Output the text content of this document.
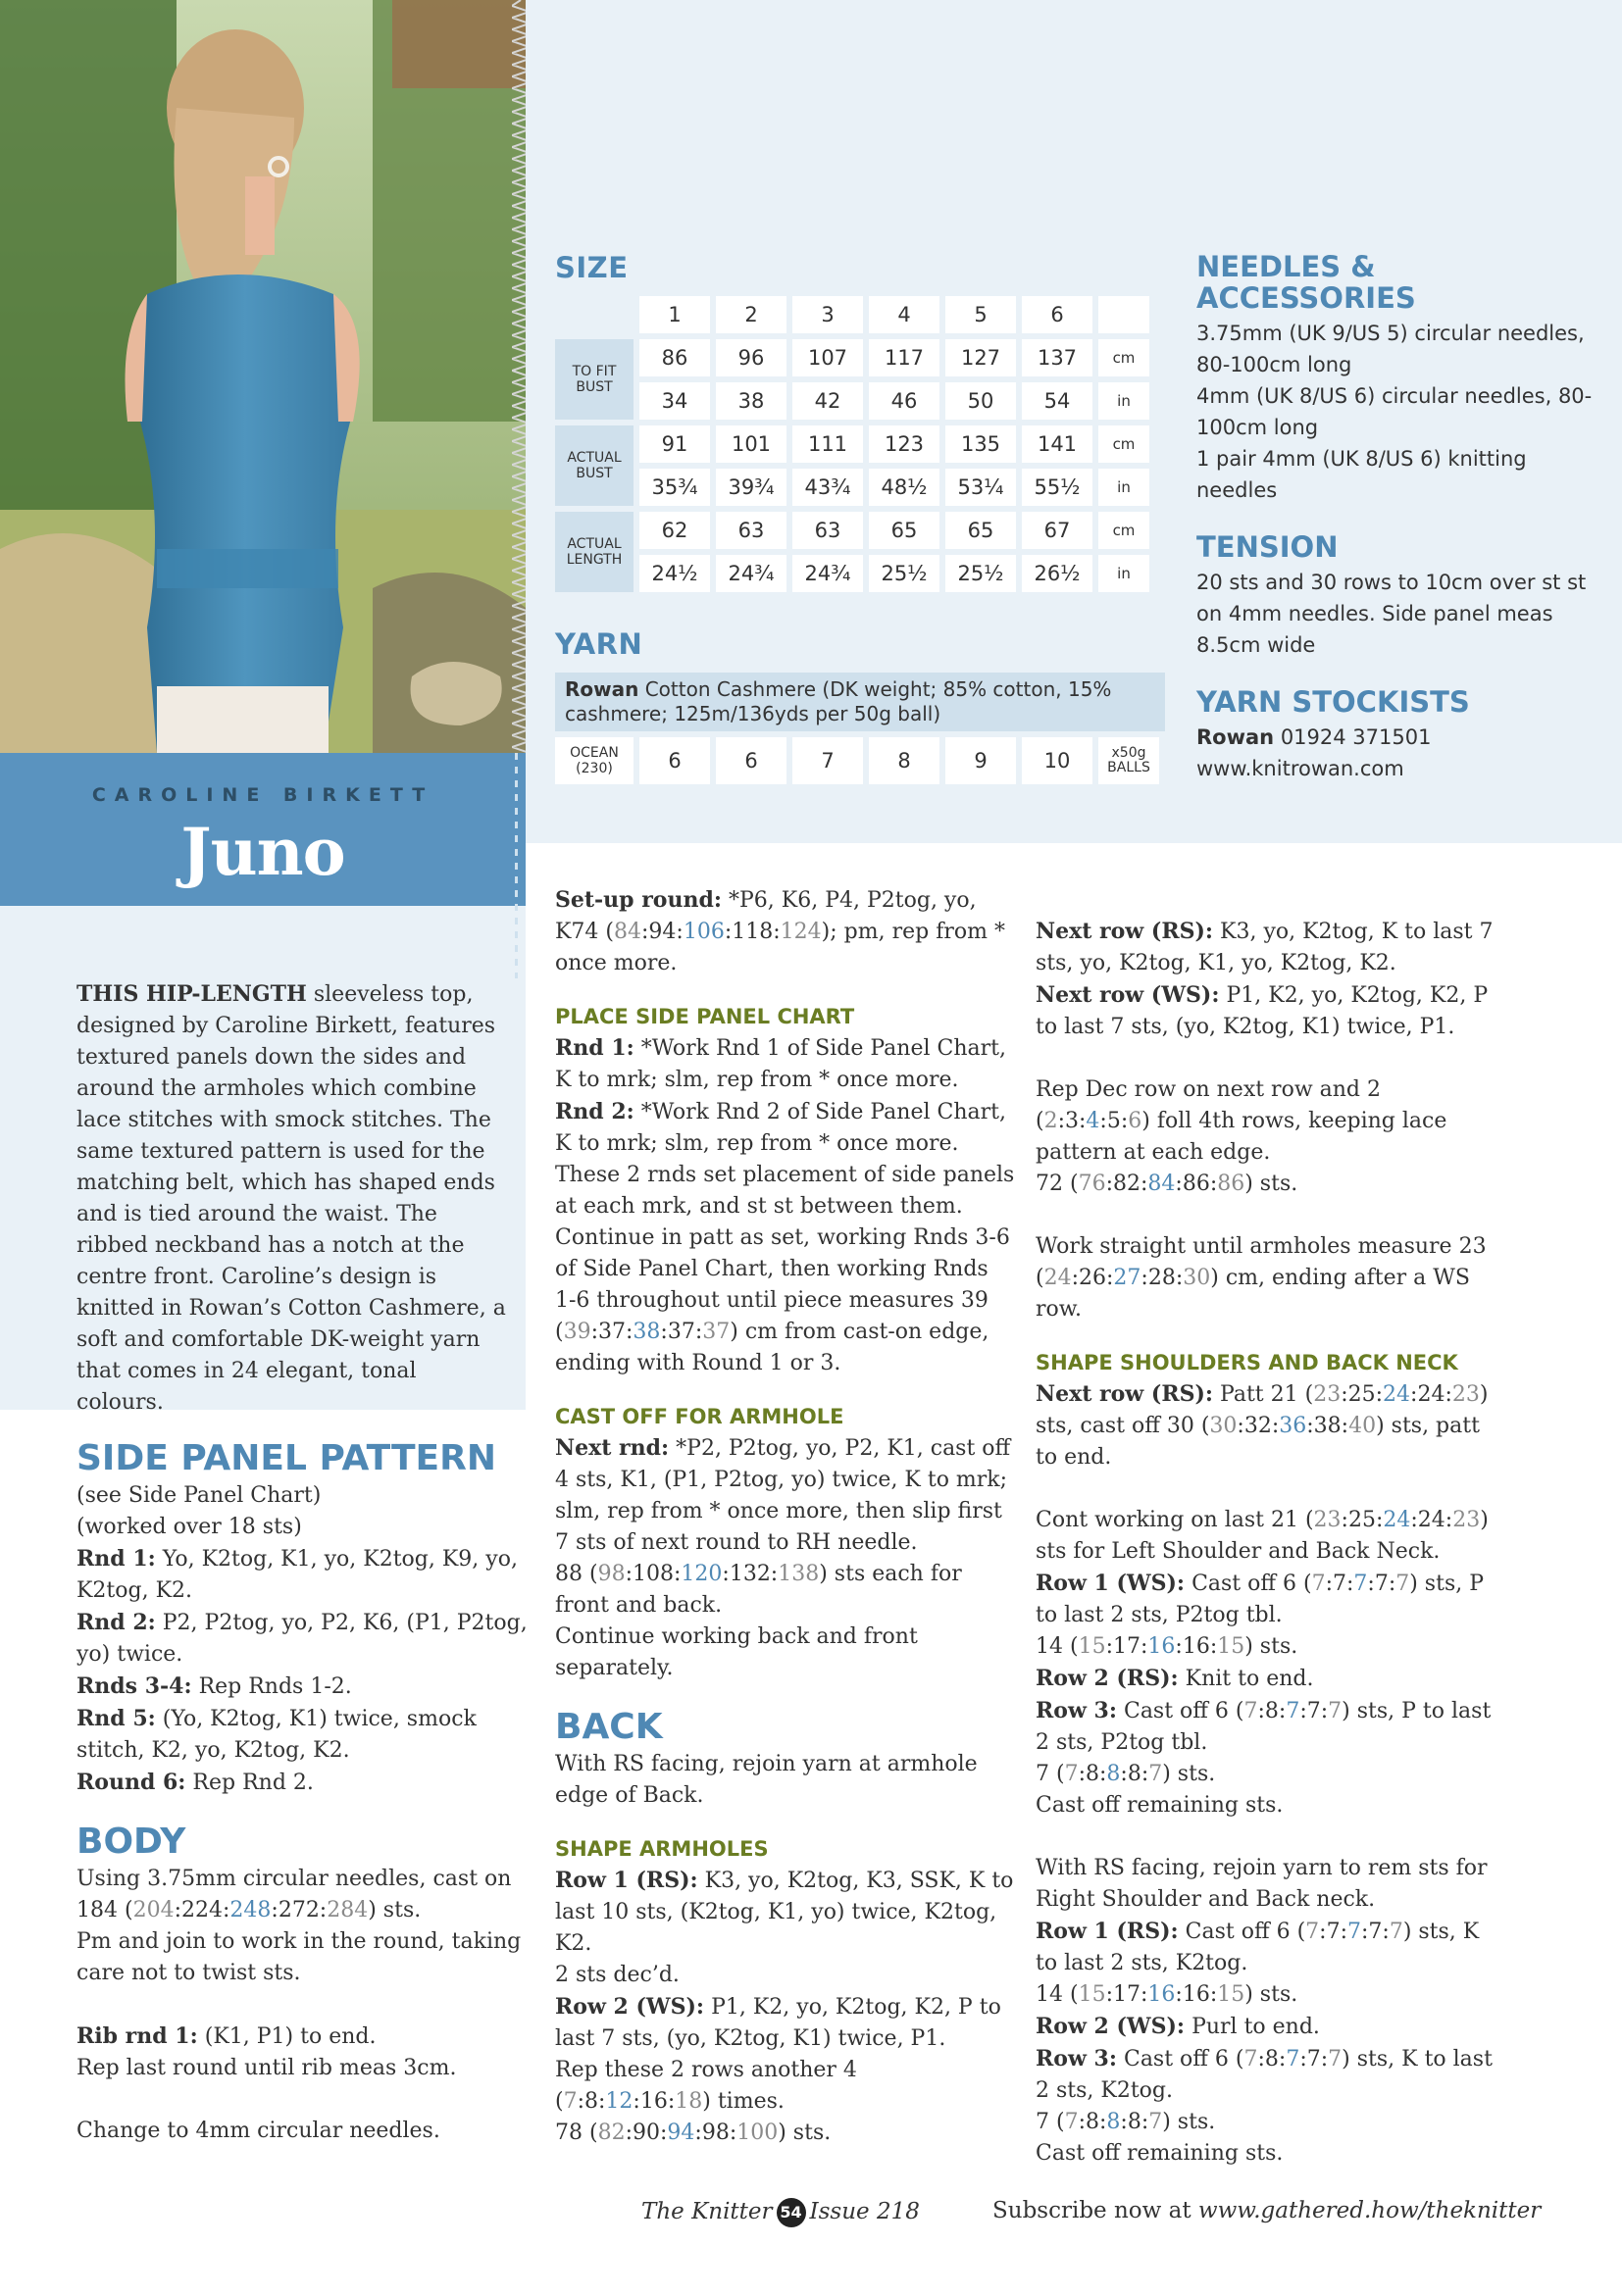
CAROLINE BIRKETT
Juno
SIZE
	1	2	3	4	5	6	
TO FIT BUST	86	96	107	117	127	137	cm
	34	38	42	46	50	54	in
ACTUAL BUST	91	101	111	123	135	141	cm
	35¾	39¾	43¾	48½	53¼	55½	in
ACTUAL LENGTH	62	63	63	65	65	67	cm
	24½	24¾	24¾	25½	25½	26½	in
YARN
Rowan Cotton Cashmere (DK weight; 85% cotton, 15% cashmere; 125m/136yds per 50g ball)
OCEAN (230)	6	6	7	8	9	10	x50g BALLS
NEEDLES & ACCESSORIES
3.75mm (UK 9/US 5) circular needles, 80-100cm long
4mm (UK 8/US 6) circular needles, 80-100cm long
1 pair 4mm (UK 8/US 6) knitting needles
TENSION
20 sts and 30 rows to 10cm over st st on 4mm needles. Side panel meas 8.5cm wide
YARN STOCKISTS
Rowan 01924 371501
www.knitrowan.com

THIS HIP-LENGTH sleeveless top, designed by Caroline Birkett, features textured panels down the sides and around the armholes which combine lace stitches with smock stitches. The same textured pattern is used for the matching belt, which has shaped ends and is tied around the waist. The ribbed neckband has a notch at the centre front. Caroline’s design is knitted in Rowan’s Cotton Cashmere, a soft and comfortable DK-weight yarn that comes in 24 elegant, tonal colours.

SIDE PANEL PATTERN

(see Side Panel Chart)

(worked over 18 sts)

Rnd 1: Yo, K2tog, K1, yo, K2tog, K9, yo, K2tog, K2.

Rnd 2: P2, P2tog, yo, P2, K6, (P1, P2tog, yo) twice.

Rnds 3-4: Rep Rnds 1-2.

Rnd 5: (Yo, K2tog, K1) twice, smock stitch, K2, yo, K2tog, K2.

Round 6: Rep Rnd 2.

BODY

Using 3.75mm circular needles, cast on 184 (204:224:248:272:284) sts.

Pm and join to work in the round, taking care not to twist sts.

Rib rnd 1: (K1, P1) to end.

Rep last round until rib meas 3cm.

Change to 4mm circular needles.

Set-up round: *P6, K6, P4, P2tog, yo, K74 (84:94:106:118:124); pm, rep from * once more.

PLACE SIDE PANEL CHART

Rnd 1: *Work Rnd 1 of Side Panel Chart, K to mrk; slm, rep from * once more.

Rnd 2: *Work Rnd 2 of Side Panel Chart, K to mrk; slm, rep from * once more.

These 2 rnds set placement of side panels at each mrk, and st st between them.

Continue in patt as set, working Rnds 3-6 of Side Panel Chart, then working Rnds 1-6 throughout until piece measures 39 (39:37:38:37:37) cm from cast-on edge, ending with Round 1 or 3.

CAST OFF FOR ARMHOLE

Next rnd: *P2, P2tog, yo, P2, K1, cast off 4 sts, K1, (P1, P2tog, yo) twice, K to mrk; slm, rep from * once more, then slip first 7 sts of next round to RH needle.

88 (98:108:120:132:138) sts each for front and back.

Continue working back and front separately.

BACK

With RS facing, rejoin yarn at armhole edge of Back.

SHAPE ARMHOLES

Row 1 (RS): K3, yo, K2tog, K3, SSK, K to last 10 sts, (K2tog, K1, yo) twice, K2tog, K2.

2 sts dec’d.

Row 2 (WS): P1, K2, yo, K2tog, K2, P to last 7 sts, (yo, K2tog, K1) twice, P1.

Rep these 2 rows another 4 (7:8:12:16:18) times.

78 (82:90:94:98:100) sts.

Next row (RS): K3, yo, K2tog, K to last 7 sts, yo, K2tog, K1, yo, K2tog, K2.

Next row (WS): P1, K2, yo, K2tog, K2, P to last 7 sts, (yo, K2tog, K1) twice, P1.

Rep Dec row on next row and 2 (2:3:4:5:6) foll 4th rows, keeping lace pattern at each edge.

72 (76:82:84:86:86) sts.

Work straight until armholes measure 23 (24:26:27:28:30) cm, ending after a WS row.

SHAPE SHOULDERS AND BACK NECK

Next row (RS): Patt 21 (23:25:24:24:23) sts, cast off 30 (30:32:36:38:40) sts, patt to end.

Cont working on last 21 (23:25:24:24:23) sts for Left Shoulder and Back Neck.

Row 1 (WS): Cast off 6 (7:7:7:7:7) sts, P to last 2 sts, P2tog tbl.

14 (15:17:16:16:15) sts.

Row 2 (RS): Knit to end.

Row 3: Cast off 6 (7:8:7:7:7) sts, P to last 2 sts, P2tog tbl.

7 (7:8:8:8:7) sts.

Cast off remaining sts.

With RS facing, rejoin yarn to rem sts for Right Shoulder and Back neck.

Row 1 (RS): Cast off 6 (7:7:7:7:7) sts, K to last 2 sts, K2tog.

14 (15:17:16:16:15) sts.

Row 2 (WS): Purl to end.

Row 3: Cast off 6 (7:8:7:7:7) sts, K to last 2 sts, K2tog.

7 (7:8:8:8:7) sts.

Cast off remaining sts.

The Knitter 54 Issue 218	Subscribe now at www.gathered.how/theknitter
